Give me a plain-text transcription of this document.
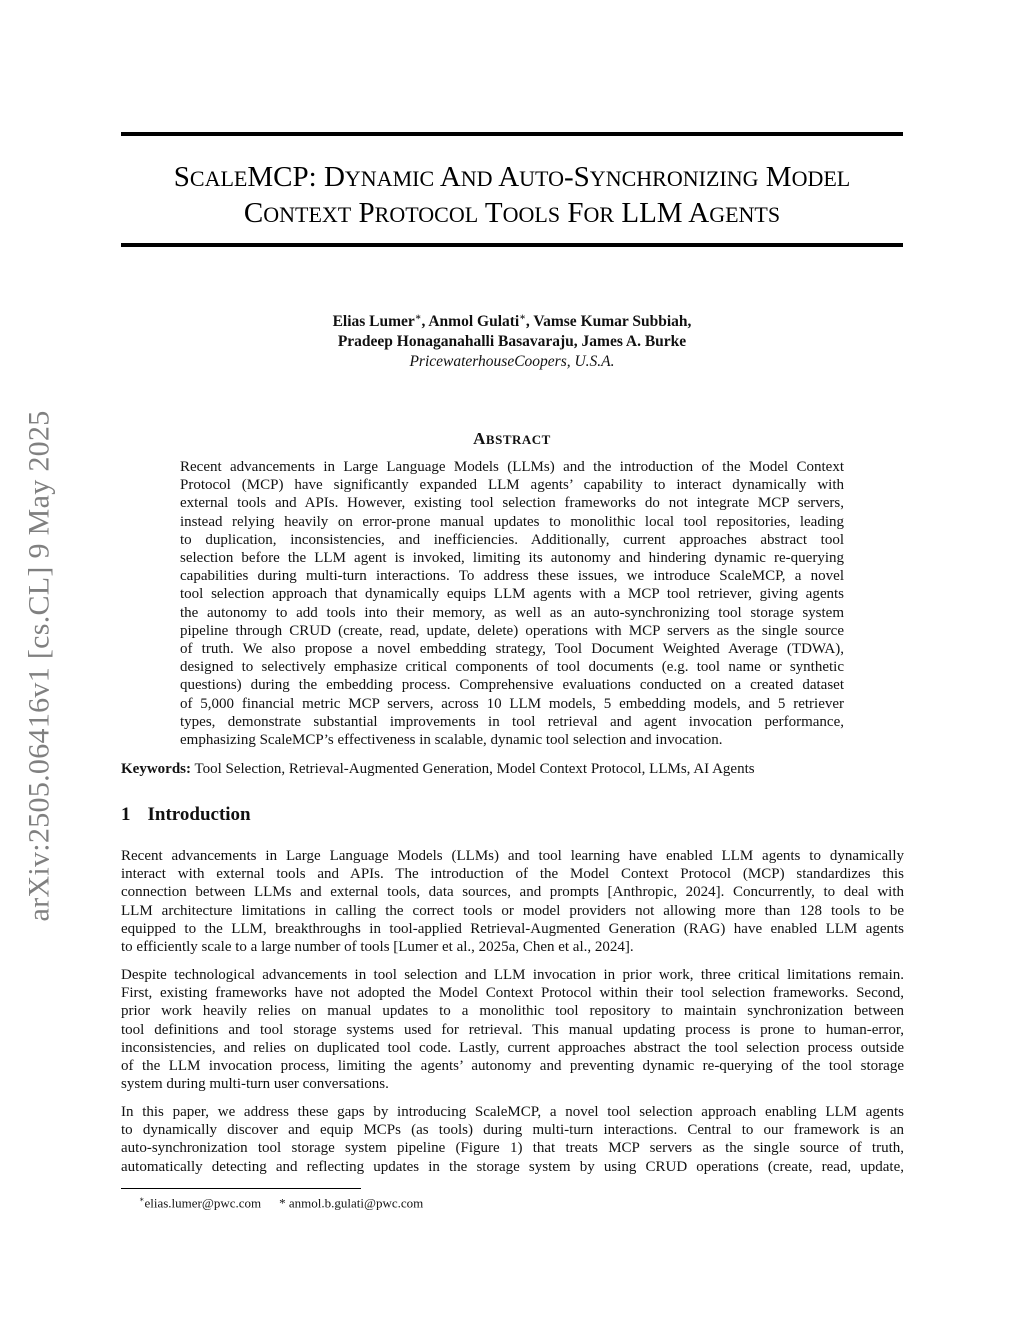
arXiv:2505.06416v1 [cs.CL] 9 May 2025
SCALEMCP: DYNAMIC AND AUTO-SYNCHRONIZING MODEL
CONTEXT PROTOCOL TOOLS FOR LLM AGENTS
Elias Lumer∗, Anmol Gulati∗, Vamse Kumar Subbiah,
Pradeep Honaganahalli Basavaraju, James A. Burke
PricewaterhouseCoopers, U.S.A.
ABSTRACT
Recent advancements in Large Language Models (LLMs) and the introduction of the Model Context
Protocol (MCP) have significantly expanded LLM agents’ capability to interact dynamically with
external tools and APIs. However, existing tool selection frameworks do not integrate MCP servers,
instead relying heavily on error-prone manual updates to monolithic local tool repositories, leading
to duplication, inconsistencies, and inefficiencies. Additionally, current approaches abstract tool
selection before the LLM agent is invoked, limiting its autonomy and hindering dynamic re-querying
capabilities during multi-turn interactions. To address these issues, we introduce ScaleMCP, a novel
tool selection approach that dynamically equips LLM agents with a MCP tool retriever, giving agents
the autonomy to add tools into their memory, as well as an auto-synchronizing tool storage system
pipeline through CRUD (create, read, update, delete) operations with MCP servers as the single source
of truth. We also propose a novel embedding strategy, Tool Document Weighted Average (TDWA),
designed to selectively emphasize critical components of tool documents (e.g. tool name or synthetic
questions) during the embedding process. Comprehensive evaluations conducted on a created dataset
of 5,000 financial metric MCP servers, across 10 LLM models, 5 embedding models, and 5 retriever
types, demonstrate substantial improvements in tool retrieval and agent invocation performance,
emphasizing ScaleMCP’s effectiveness in scalable, dynamic tool selection and invocation.
Keywords: Tool Selection, Retrieval-Augmented Generation, Model Context Protocol, LLMs, AI Agents
1 Introduction
Recent advancements in Large Language Models (LLMs) and tool learning have enabled LLM agents to dynamically
interact with external tools and APIs. The introduction of the Model Context Protocol (MCP) standardizes this
connection between LLMs and external tools, data sources, and prompts [Anthropic, 2024]. Concurrently, to deal with
LLM architecture limitations in calling the correct tools or model providers not allowing more than 128 tools to be
equipped to the LLM, breakthroughs in tool-applied Retrieval-Augmented Generation (RAG) have enabled LLM agents
to efficiently scale to a large number of tools [Lumer et al., 2025a, Chen et al., 2024].
Despite technological advancements in tool selection and LLM invocation in prior work, three critical limitations remain.
First, existing frameworks have not adopted the Model Context Protocol within their tool selection frameworks. Second,
prior work heavily relies on manual updates to a monolithic tool repository to maintain synchronization between
tool definitions and tool storage systems used for retrieval. This manual updating process is prone to human-error,
inconsistencies, and relies on duplicated tool code. Lastly, current approaches abstract the tool selection process outside
of the LLM invocation process, limiting the agents’ autonomy and preventing dynamic re-querying of the tool storage
system during multi-turn user conversations.
In this paper, we address these gaps by introducing ScaleMCP, a novel tool selection approach enabling LLM agents
to dynamically discover and equip MCPs (as tools) during multi-turn interactions. Central to our framework is an
auto-synchronization tool storage system pipeline (Figure 1) that treats MCP servers as the single source of truth,
automatically detecting and reflecting updates in the storage system by using CRUD operations (create, read, update,
∗elias.lumer@pwc.com * anmol.b.gulati@pwc.com
